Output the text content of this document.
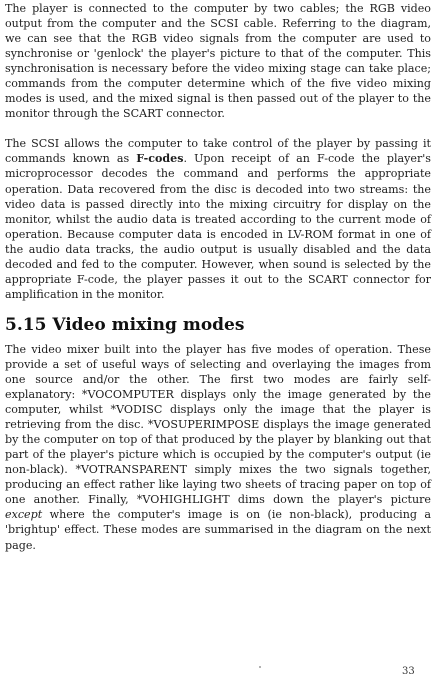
The player is connected to the computer by two cables; the RGB video output from the computer and the SCSI cable. Referring to the diagram, we can see that the RGB video signals from the computer are used to synchronise or 'genlock' the player's picture to that of the computer. This synchronisation is necessary before the video mixing stage can take place; commands from the computer determine which of the five video mixing modes is used, and the mixed signal is then passed out of the player to the monitor through the SCART connector.

The SCSI allows the computer to take control of the player by passing it commands known as F-codes. Upon receipt of an F-code the player's microprocessor decodes the command and performs the appropriate operation. Data recovered from the disc is decoded into two streams: the video data is passed directly into the mixing circuitry for display on the monitor, whilst the audio data is treated according to the current mode of operation. Because computer data is encoded in LV-ROM format in one of the audio data tracks, the audio output is usually disabled and the data decoded and fed to the computer. However, when sound is selected by the appropriate F-code, the player passes it out to the SCART connector for amplification in the monitor.

5.15 Video mixing modes

The video mixer built into the player has five modes of operation. These provide a set of useful ways of selecting and overlaying the images from one source and/or the other. The first two modes are fairly self-explanatory: *VOCOMPUTER displays only the image generated by the computer, whilst *VODISC displays only the image that the player is retrieving from the disc. *VOSUPERIMPOSE displays the image generated by the computer on top of that produced by the player by blanking out that part of the player's picture which is occupied by the computer's output (ie non-black). *VOTRANSPARENT simply mixes the two signals together, producing an effect rather like laying two sheets of tracing paper on top of one another. Finally, *VOHIGHLIGHT dims down the player's picture except where the computer's image is on (ie non-black), producing a 'brightup' effect. These modes are summarised in the diagram on the next page.

33
